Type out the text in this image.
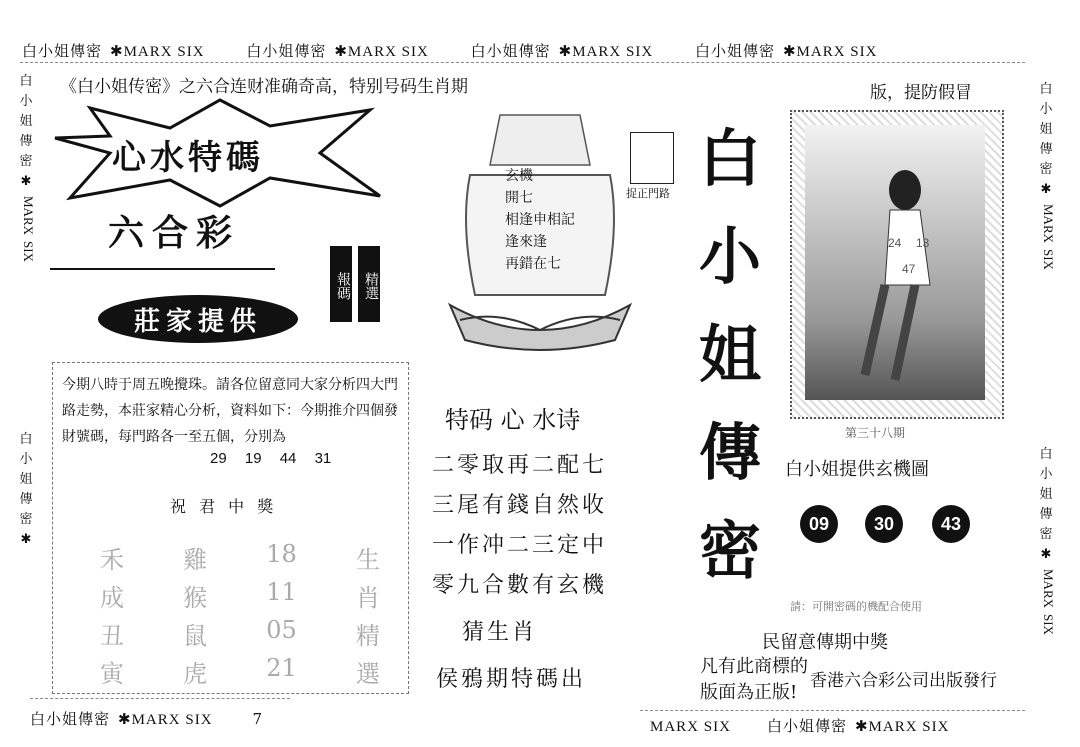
白小姐傳密 ✱MARX SIX	白小姐傳密 ✱MARX SIX	白小姐傳密 ✱MARX SIX	白小姐傳密 ✱MARX SIX
《白小姐传密》之六合连财准确奇高，特别号码生肖期
白
小
姐
傳
密
✱
MARX
SIX
白
小
姐
傳
密
✱
心水特碼
六合彩
報碼 精選
莊家提供
今期八時于周五晚攪珠。請各位留意同大家分析四大門路走勢，本莊家精心分析，資料如下：今期推介四個發財號碼，每門路各一至五個，分別為
29 19 44 31
祝 君 中 獎
禾 雞 18 生
成 猴 11 肖
丑 鼠 05 精
寅 虎 21 選
白小姐傳密 ✱MARX SIX	7
玄機
開七
相逢申相記
逢來逢
再錯在七
捉正門路
特码 心 水诗
二零取再二配七
三尾有錢自然收
一作冲二三定中
零九合數有玄機
猜生肖
侯鴉期特碼出
白
小
姐
傳
密
版，提防假冒
24 13
47
第三十八期
白小姐提供玄機圖
09	30	43
請：可開密碼的機配合使用
民留意傳期中獎
凡有此商標的
版面為正版!
香港六合彩公司出版發行
MARX SIX 白小姐傳密 ✱MARX SIX
白
小
姐
傳
密
✱
MARX
SIX
白
小
姐
傳
密
✱
MARX
SIX
